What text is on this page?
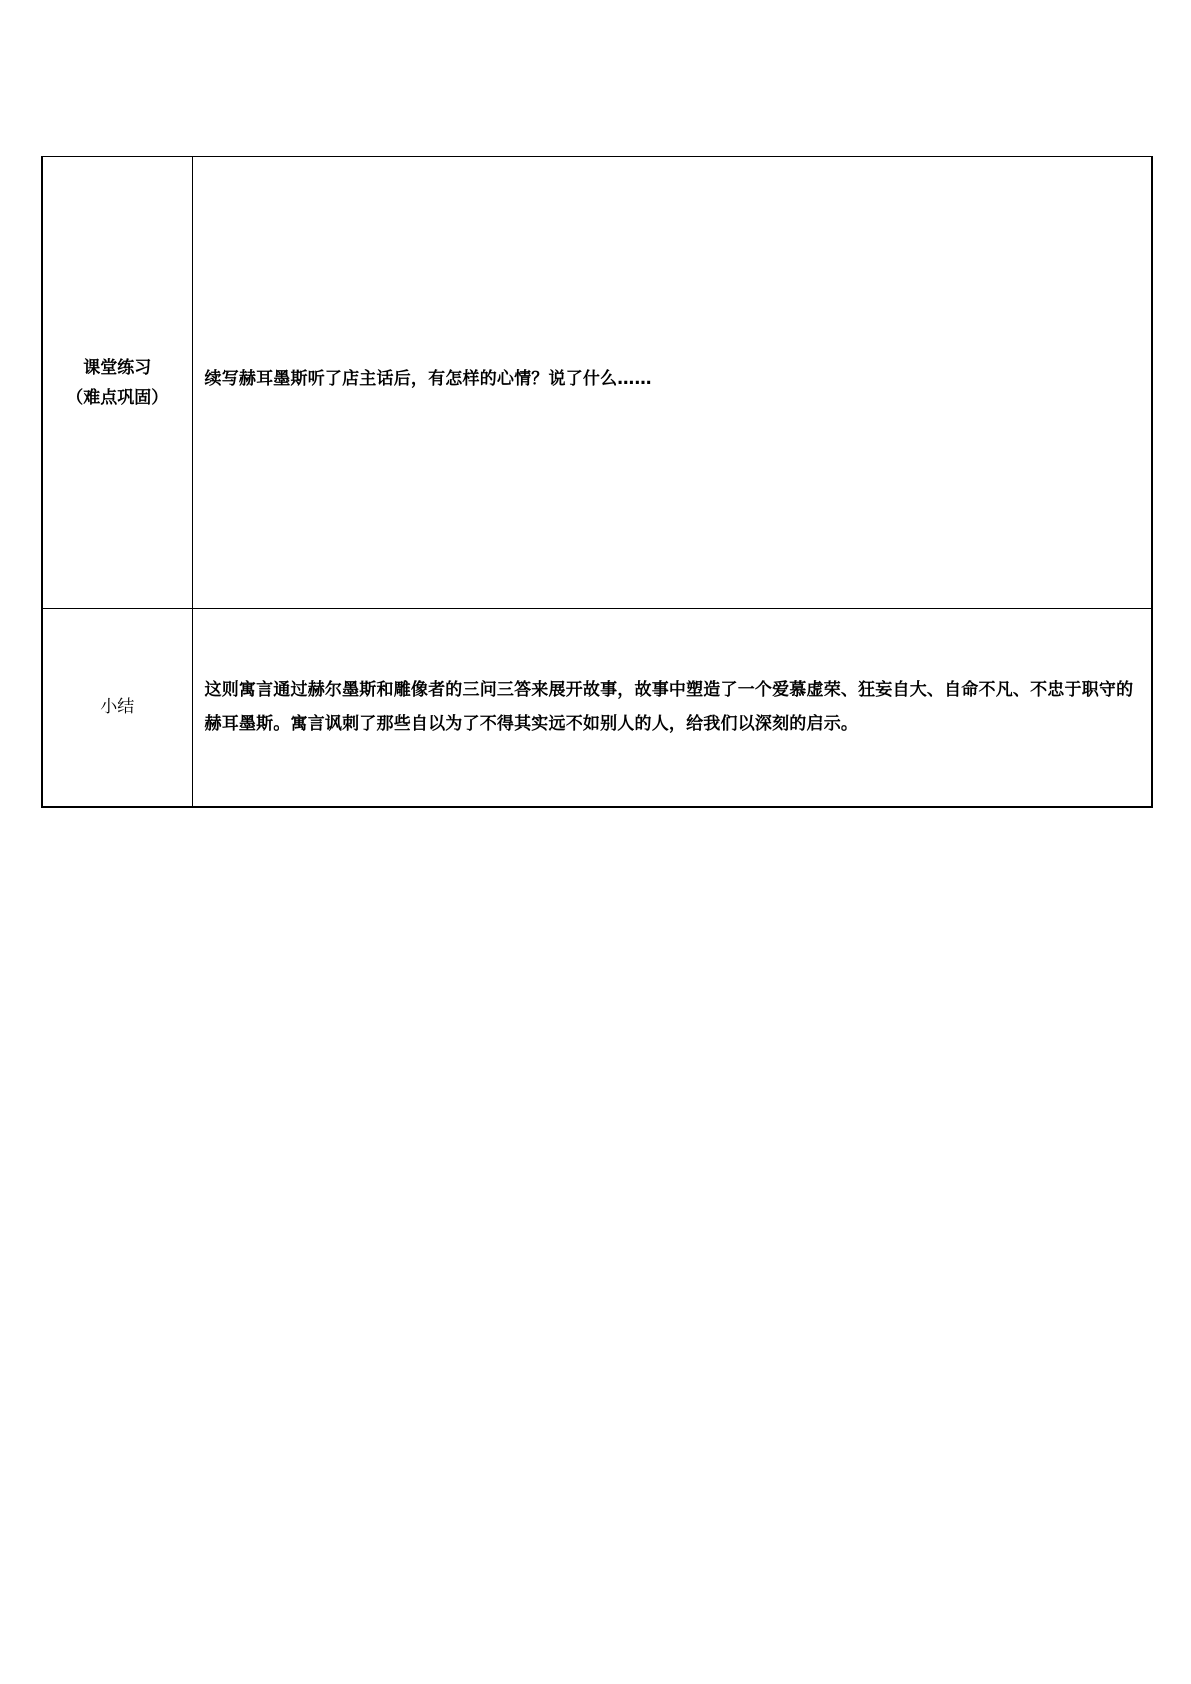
课堂练习
（难点巩固）	续写赫耳墨斯听了店主话后，有怎样的心情？说了什么……

小结	这则寓言通过赫尔墨斯和雕像者的三问三答来展开故事，故事中塑造了一个爱慕虚荣、狂妄自大、自命不凡、不忠于职守的赫耳墨斯。寓言讽刺了那些自以为了不得其实远不如别人的人，给我们以深刻的启示。
